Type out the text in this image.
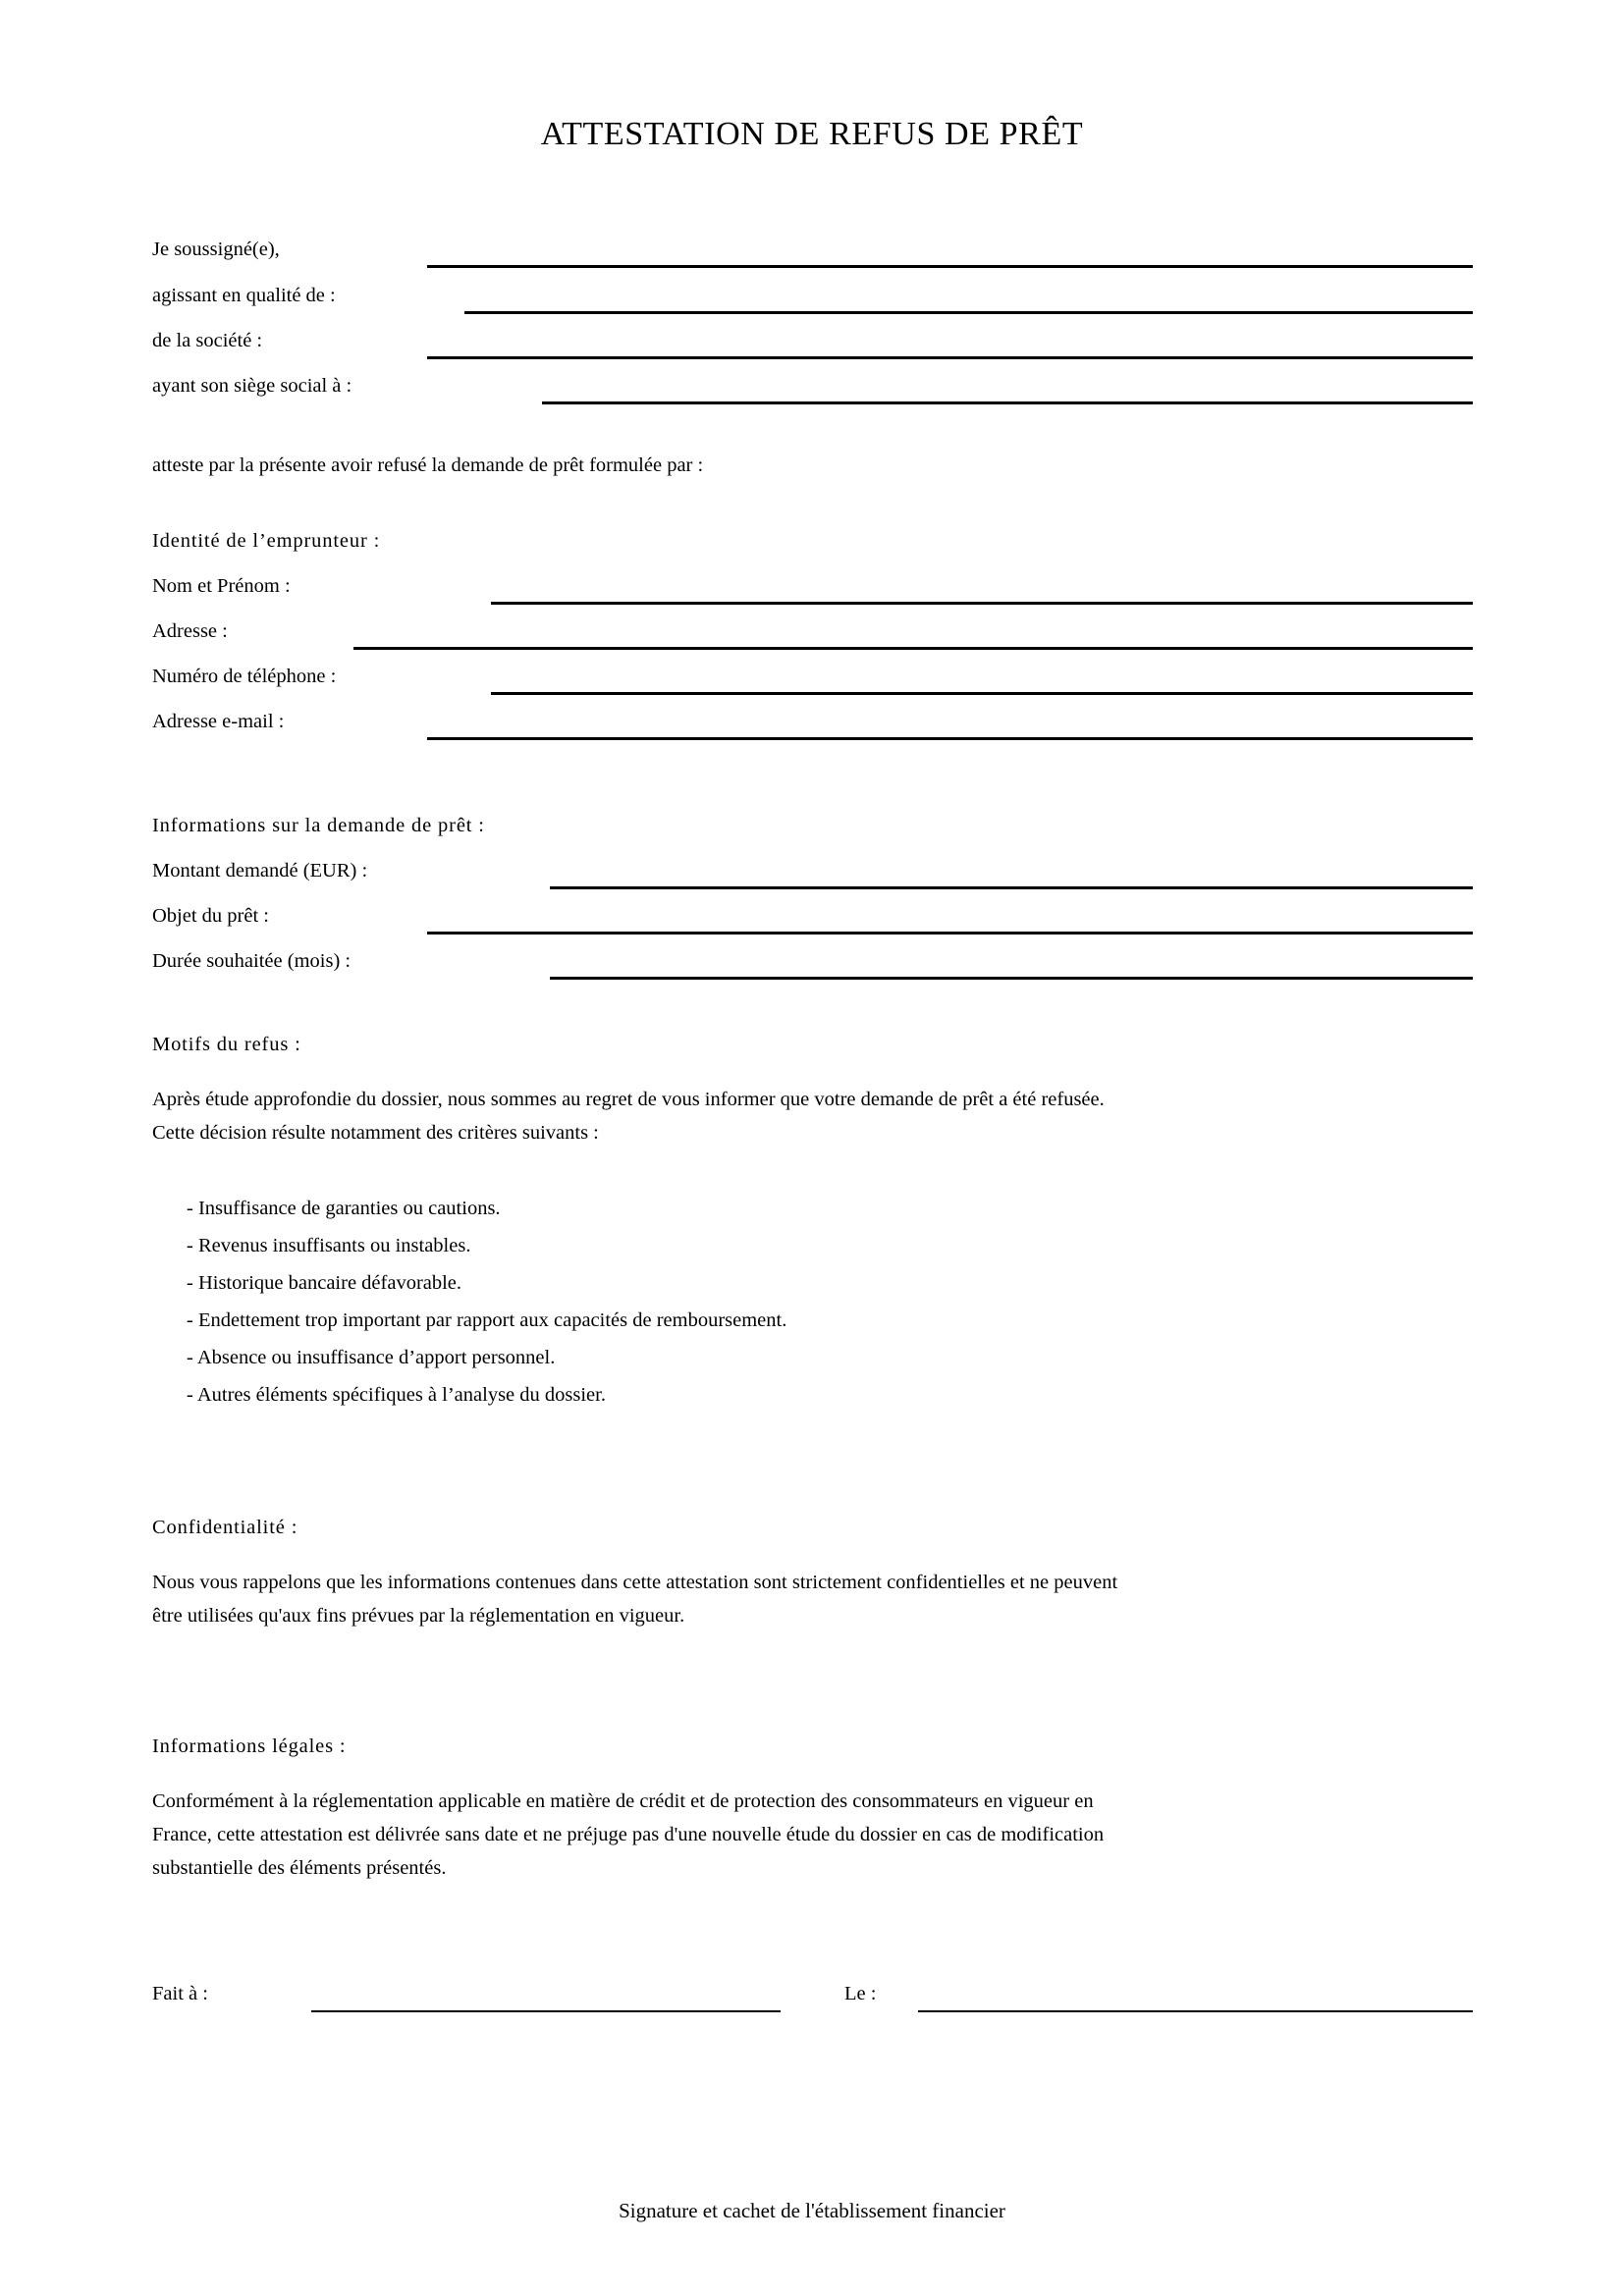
ATTESTATION DE REFUS DE PRÊT
Je soussigné(e),
agissant en qualité de :
de la société :
ayant son siège social à :
atteste par la présente avoir refusé la demande de prêt formulée par :
Identité de l’emprunteur :
Nom et Prénom :
Adresse :
Numéro de téléphone :
Adresse e-mail :
Informations sur la demande de prêt :
Montant demandé (EUR) :
Objet du prêt :
Durée souhaitée (mois) :
Motifs du refus :
Après étude approfondie du dossier, nous sommes au regret de vous informer que votre demande de prêt a été refusée.
Cette décision résulte notamment des critères suivants :
- Insuffisance de garanties ou cautions.
- Revenus insuffisants ou instables.
- Historique bancaire défavorable.
- Endettement trop important par rapport aux capacités de remboursement.
- Absence ou insuffisance d’apport personnel.
- Autres éléments spécifiques à l’analyse du dossier.
Confidentialité :
Nous vous rappelons que les informations contenues dans cette attestation sont strictement confidentielles et ne peuvent
être utilisées qu'aux fins prévues par la réglementation en vigueur.
Informations légales :
Conformément à la réglementation applicable en matière de crédit et de protection des consommateurs en vigueur en
France, cette attestation est délivrée sans date et ne préjuge pas d'une nouvelle étude du dossier en cas de modification
substantielle des éléments présentés.
Fait à :	Le :
Signature et cachet de l'établissement financier
